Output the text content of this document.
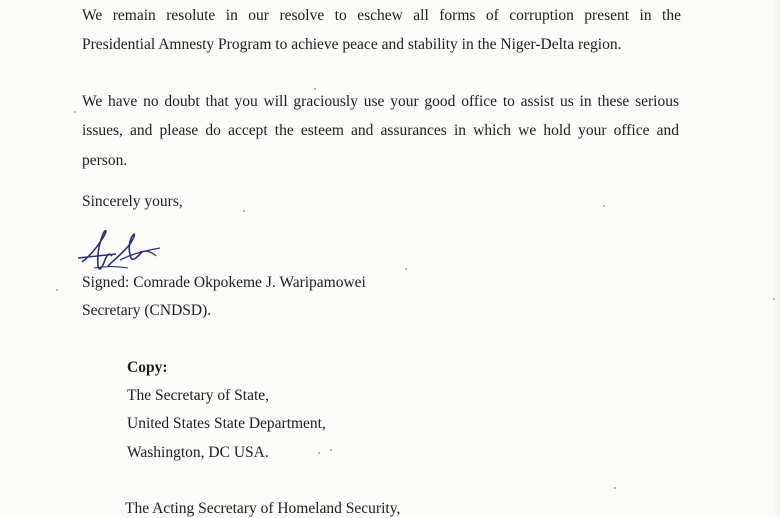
We remain resolute in our resolve to eschew all forms of corruption present in the
Presidential Amnesty Program to achieve peace and stability in the Niger-Delta region.
We have no doubt that you will graciously use your good office to assist us in these serious
issues, and please do accept the esteem and assurances in which we hold your office and
person.
Sincerely yours,
Signed: Comrade Okpokeme J. Waripamowei
Secretary (CNDSD).
Copy:
The Secretary of State,
United States State Department,
Washington, DC USA.
The Acting Secretary of Homeland Security,
